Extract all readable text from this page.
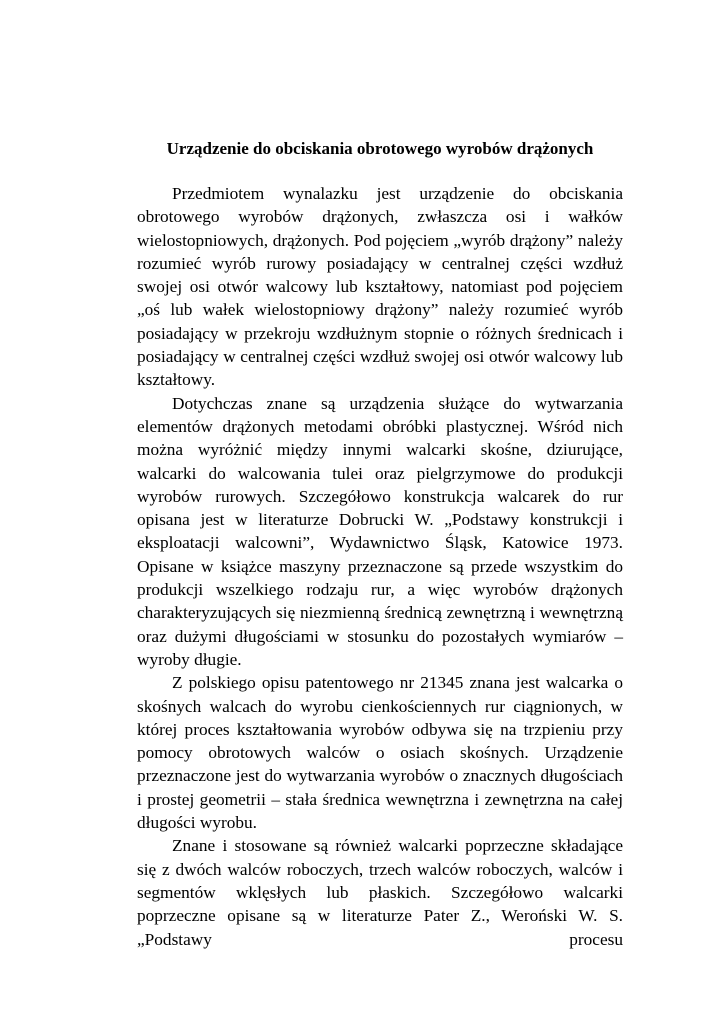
Urządzenie do obciskania obrotowego wyrobów drążonych

Przedmiotem wynalazku jest urządzenie do obciskania obrotowego wyrobów drążonych, zwłaszcza osi i wałków wielostopniowych, drążonych. Pod pojęciem „wyrób drążony” należy rozumieć wyrób rurowy posiadający w centralnej części wzdłuż swojej osi otwór walcowy lub kształtowy, natomiast pod pojęciem „oś lub wałek wielostopniowy drążony” należy rozumieć wyrób posiadający w przekroju wzdłużnym stopnie o różnych średnicach i posiadający w centralnej części wzdłuż swojej osi otwór walcowy lub kształtowy.

Dotychczas znane są urządzenia służące do wytwarzania elementów drążonych metodami obróbki plastycznej. Wśród nich można wyróżnić między innymi walcarki skośne, dziurujące, walcarki do walcowania tulei oraz pielgrzymowe do produkcji wyrobów rurowych. Szczegółowo konstrukcja walcarek do rur opisana jest w literaturze Dobrucki W. „Podstawy konstrukcji i eksploatacji walcowni”, Wydawnictwo Śląsk, Katowice 1973. Opisane w książce maszyny przeznaczone są przede wszystkim do produkcji wszelkiego rodzaju rur, a więc wyrobów drążonych charakteryzujących się niezmienną średnicą zewnętrzną i wewnętrzną oraz dużymi długościami w stosunku do pozostałych wymiarów – wyroby długie.

Z polskiego opisu patentowego nr 21345 znana jest walcarka o skośnych walcach do wyrobu cienkościennych rur ciągnionych, w której proces kształtowania wyrobów odbywa się na trzpieniu przy pomocy obrotowych walców o osiach skośnych. Urządzenie przeznaczone jest do wytwarzania wyrobów o znacznych długościach i prostej geometrii – stała średnica wewnętrzna i zewnętrzna na całej długości wyrobu.

Znane i stosowane są również walcarki poprzeczne składające się z dwóch walców roboczych, trzech walców roboczych, walców i segmentów wklęsłych lub płaskich. Szczegółowo walcarki poprzeczne opisane są w literaturze Pater Z., Weroński W. S. „Podstawy procesu
